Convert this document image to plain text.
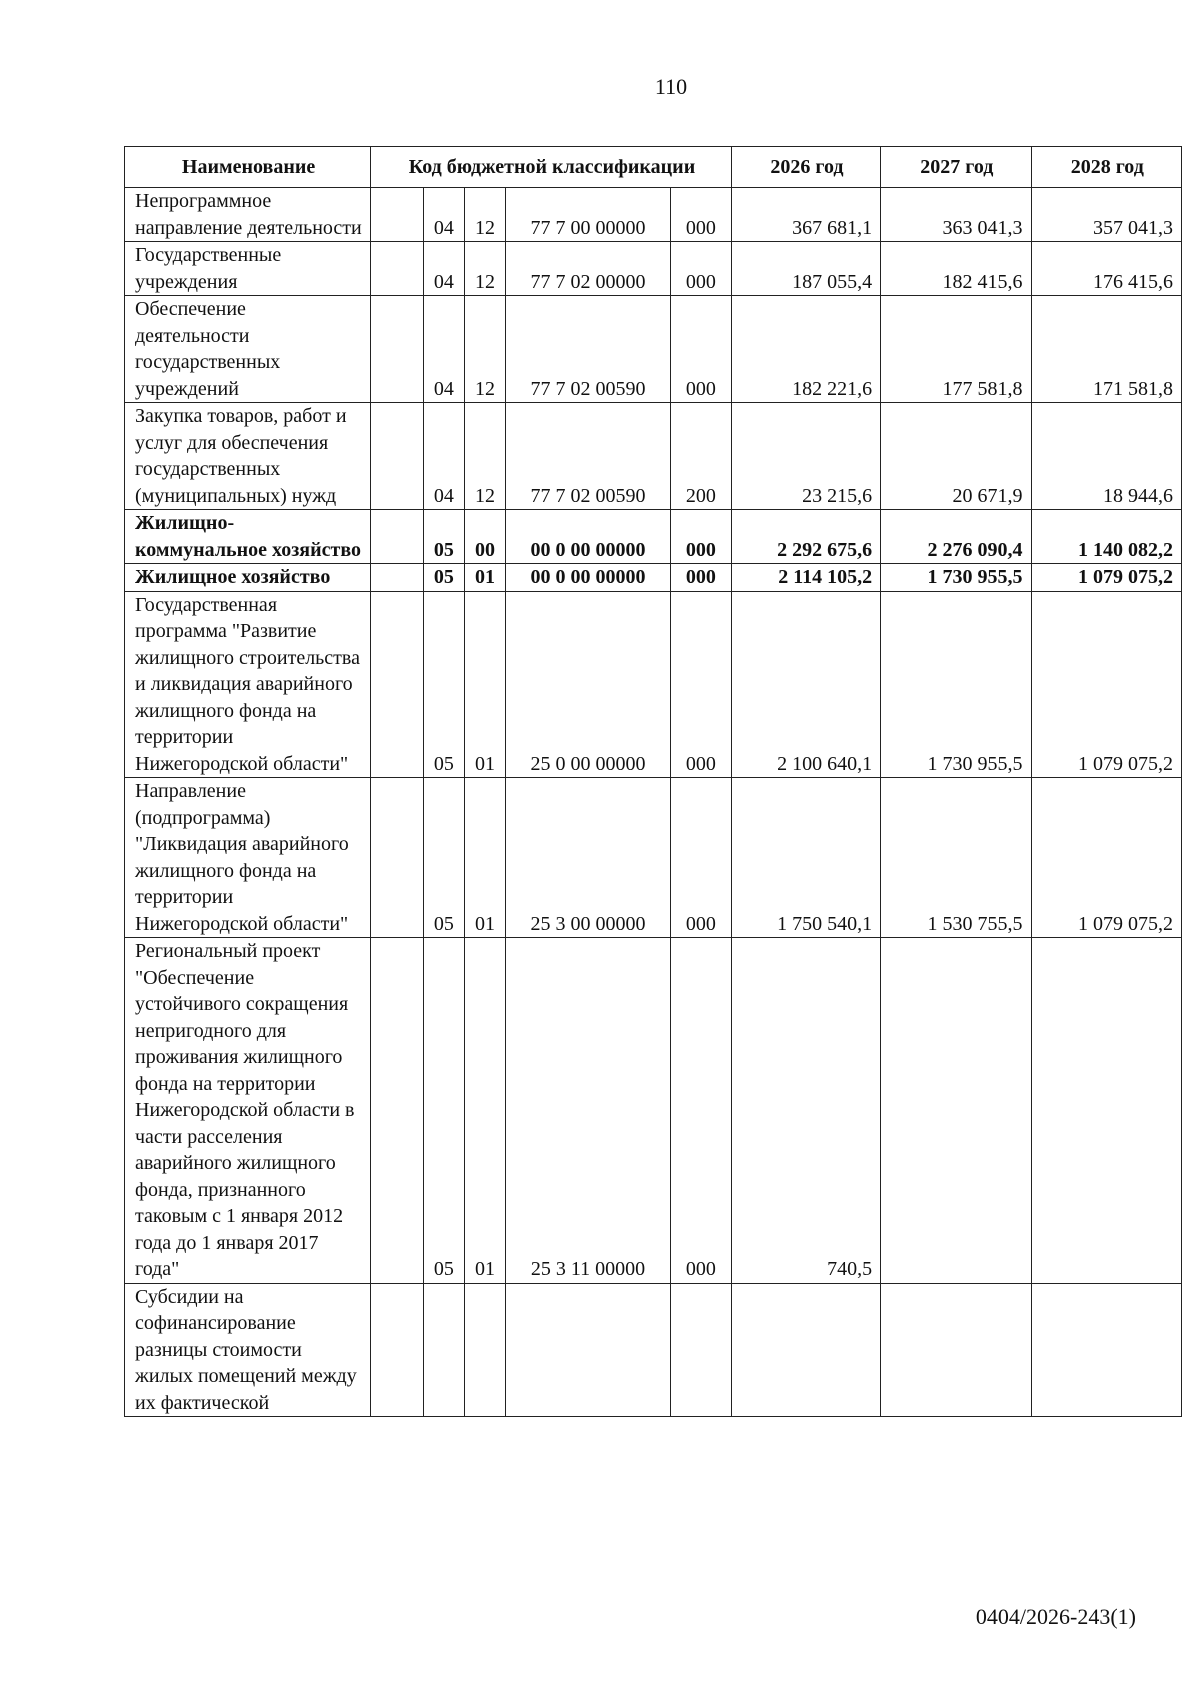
110
Наименование	Код бюджетной классификации					2026 год	2027 год	2028 год
Непрограммное направление деятельности		04	12	77 7 00 00000	000	367 681,1	363 041,3	357 041,3
Государственные учреждения		04	12	77 7 02 00000	000	187 055,4	182 415,6	176 415,6
Обеспечение деятельности государственных учреждений		04	12	77 7 02 00590	000	182 221,6	177 581,8	171 581,8
Закупка товаров, работ и услуг для обеспечения государственных (муниципальных) нужд		04	12	77 7 02 00590	200	23 215,6	20 671,9	18 944,6
Жилищно-коммунальное хозяйство		05	00	00 0 00 00000	000	2 292 675,6	2 276 090,4	1 140 082,2
Жилищное хозяйство		05	01	00 0 00 00000	000	2 114 105,2	1 730 955,5	1 079 075,2
Государственная программа "Развитие жилищного строительства и ликвидация аварийного жилищного фонда на территории Нижегородской области"		05	01	25 0 00 00000	000	2 100 640,1	1 730 955,5	1 079 075,2
Направление (подпрограмма) "Ликвидация аварийного жилищного фонда на территории Нижегородской области"		05	01	25 3 00 00000	000	1 750 540,1	1 530 755,5	1 079 075,2
Региональный проект "Обеспечение устойчивого сокращения непригодного для проживания жилищного фонда на территории Нижегородской области в части расселения аварийного жилищного фонда, признанного таковым с 1 января 2012 года до 1 января 2017 года"		05	01	25 3 11 00000	000	740,5		
Субсидии на софинансирование разницы стоимости жилых помещений между их фактической								
0404/2026-243(1)
